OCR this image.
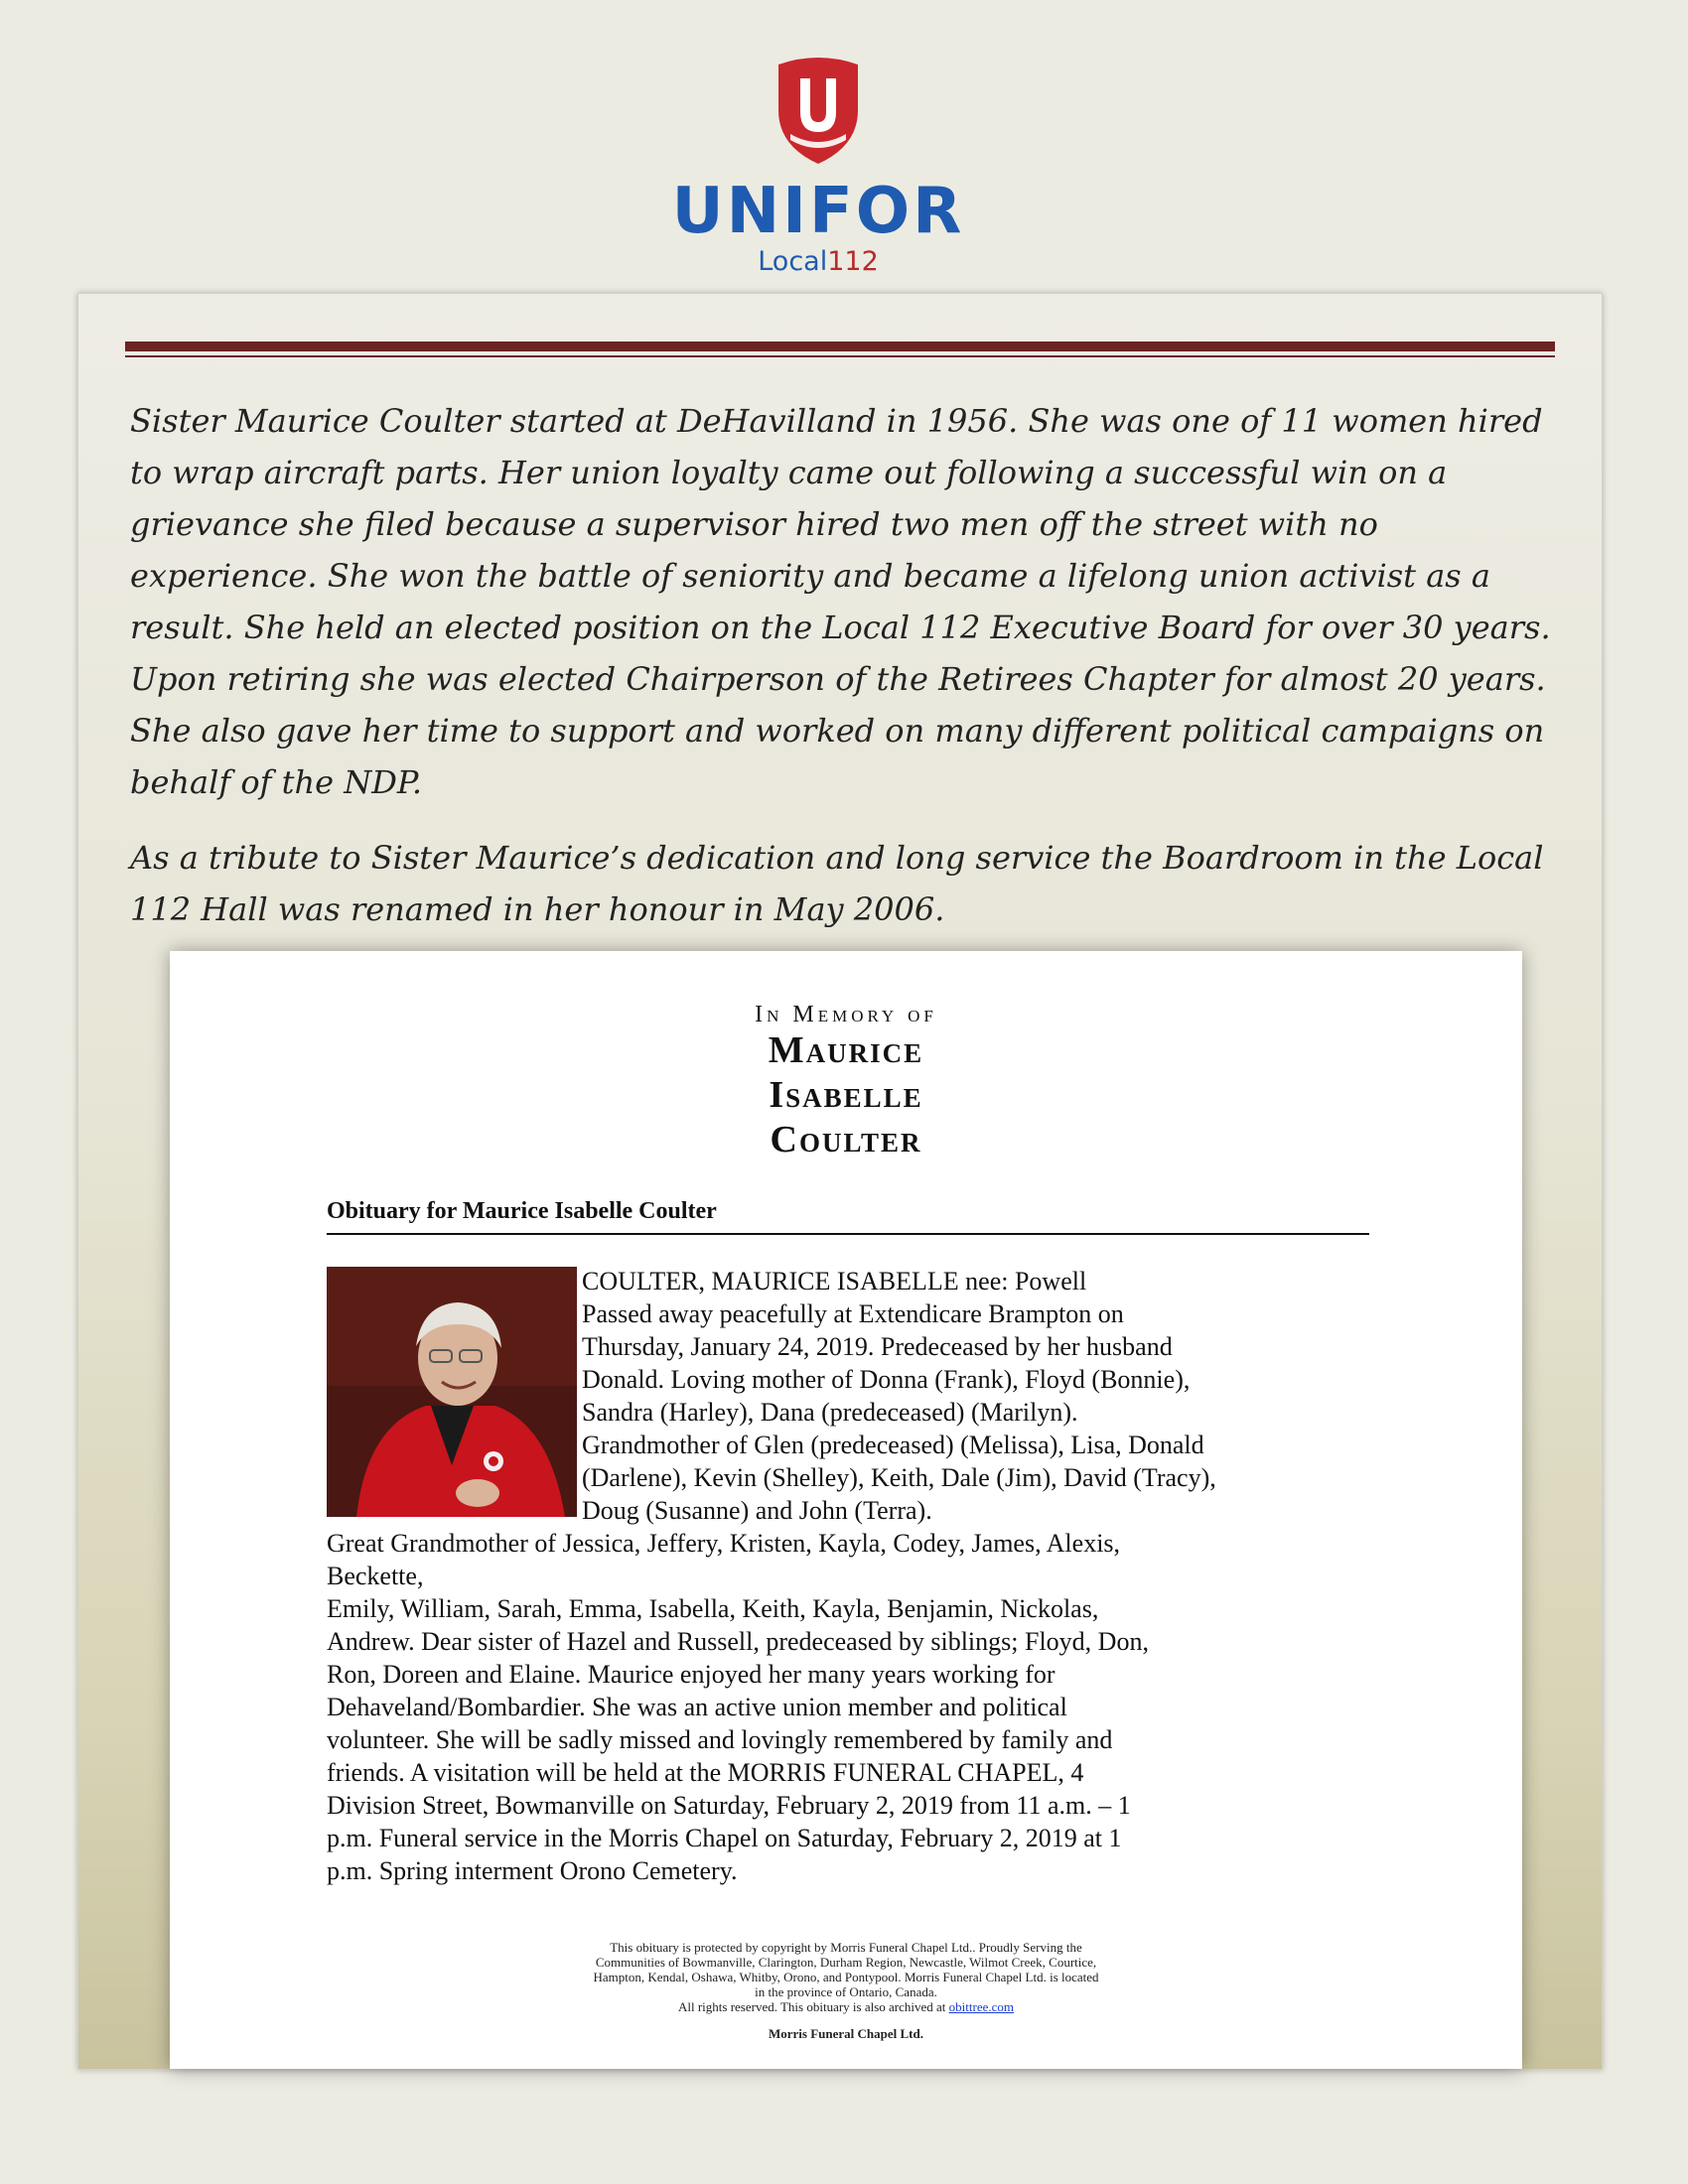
UNIFOR
Local112

Sister Maurice Coulter started at DeHavilland in 1956. She was one of 11 women hired to wrap aircraft parts. Her union loyalty came out following a successful win on a grievance she filed because a supervisor hired two men off the street with no experience. She won the battle of seniority and became a lifelong union activist as a result. She held an elected position on the Local 112 Executive Board for over 30 years. Upon retiring she was elected Chairperson of the Retirees Chapter for almost 20 years. She also gave her time to support and worked on many different political campaigns on behalf of the NDP.

As a tribute to Sister Maurice’s dedication and long service the Boardroom in the Local 112 Hall was renamed in her honour in May 2006.

In Memory of
Maurice
Isabelle
Coulter
Obituary for Maurice Isabelle Coulter
COULTER, MAURICE ISABELLE nee: Powell
Passed away peacefully at Extendicare Brampton on
Thursday, January 24, 2019. Predeceased by her husband
Donald. Loving mother of Donna (Frank), Floyd (Bonnie),
Sandra (Harley), Dana (predeceased) (Marilyn).
Grandmother of Glen (predeceased) (Melissa), Lisa, Donald
(Darlene), Kevin (Shelley), Keith, Dale (Jim), David (Tracy),
Doug (Susanne) and John (Terra).
Great Grandmother of Jessica, Jeffery, Kristen, Kayla, Codey, James, Alexis,
Beckette,
Emily, William, Sarah, Emma, Isabella, Keith, Kayla, Benjamin, Nickolas,
Andrew. Dear sister of Hazel and Russell, predeceased by siblings; Floyd, Don,
Ron, Doreen and Elaine. Maurice enjoyed her many years working for
Dehaveland/Bombardier. She was an active union member and political
volunteer. She will be sadly missed and lovingly remembered by family and
friends. A visitation will be held at the MORRIS FUNERAL CHAPEL, 4
Division Street, Bowmanville on Saturday, February 2, 2019 from 11 a.m. – 1
p.m. Funeral service in the Morris Chapel on Saturday, February 2, 2019 at 1
p.m. Spring interment Orono Cemetery.
This obituary is protected by copyright by Morris Funeral Chapel Ltd.. Proudly Serving the
Communities of Bowmanville, Clarington, Durham Region, Newcastle, Wilmot Creek, Courtice,
Hampton, Kendal, Oshawa, Whitby, Orono, and Pontypool. Morris Funeral Chapel Ltd. is located
in the province of Ontario, Canada.
All rights reserved. This obituary is also archived at obittree.com
Morris Funeral Chapel Ltd.
